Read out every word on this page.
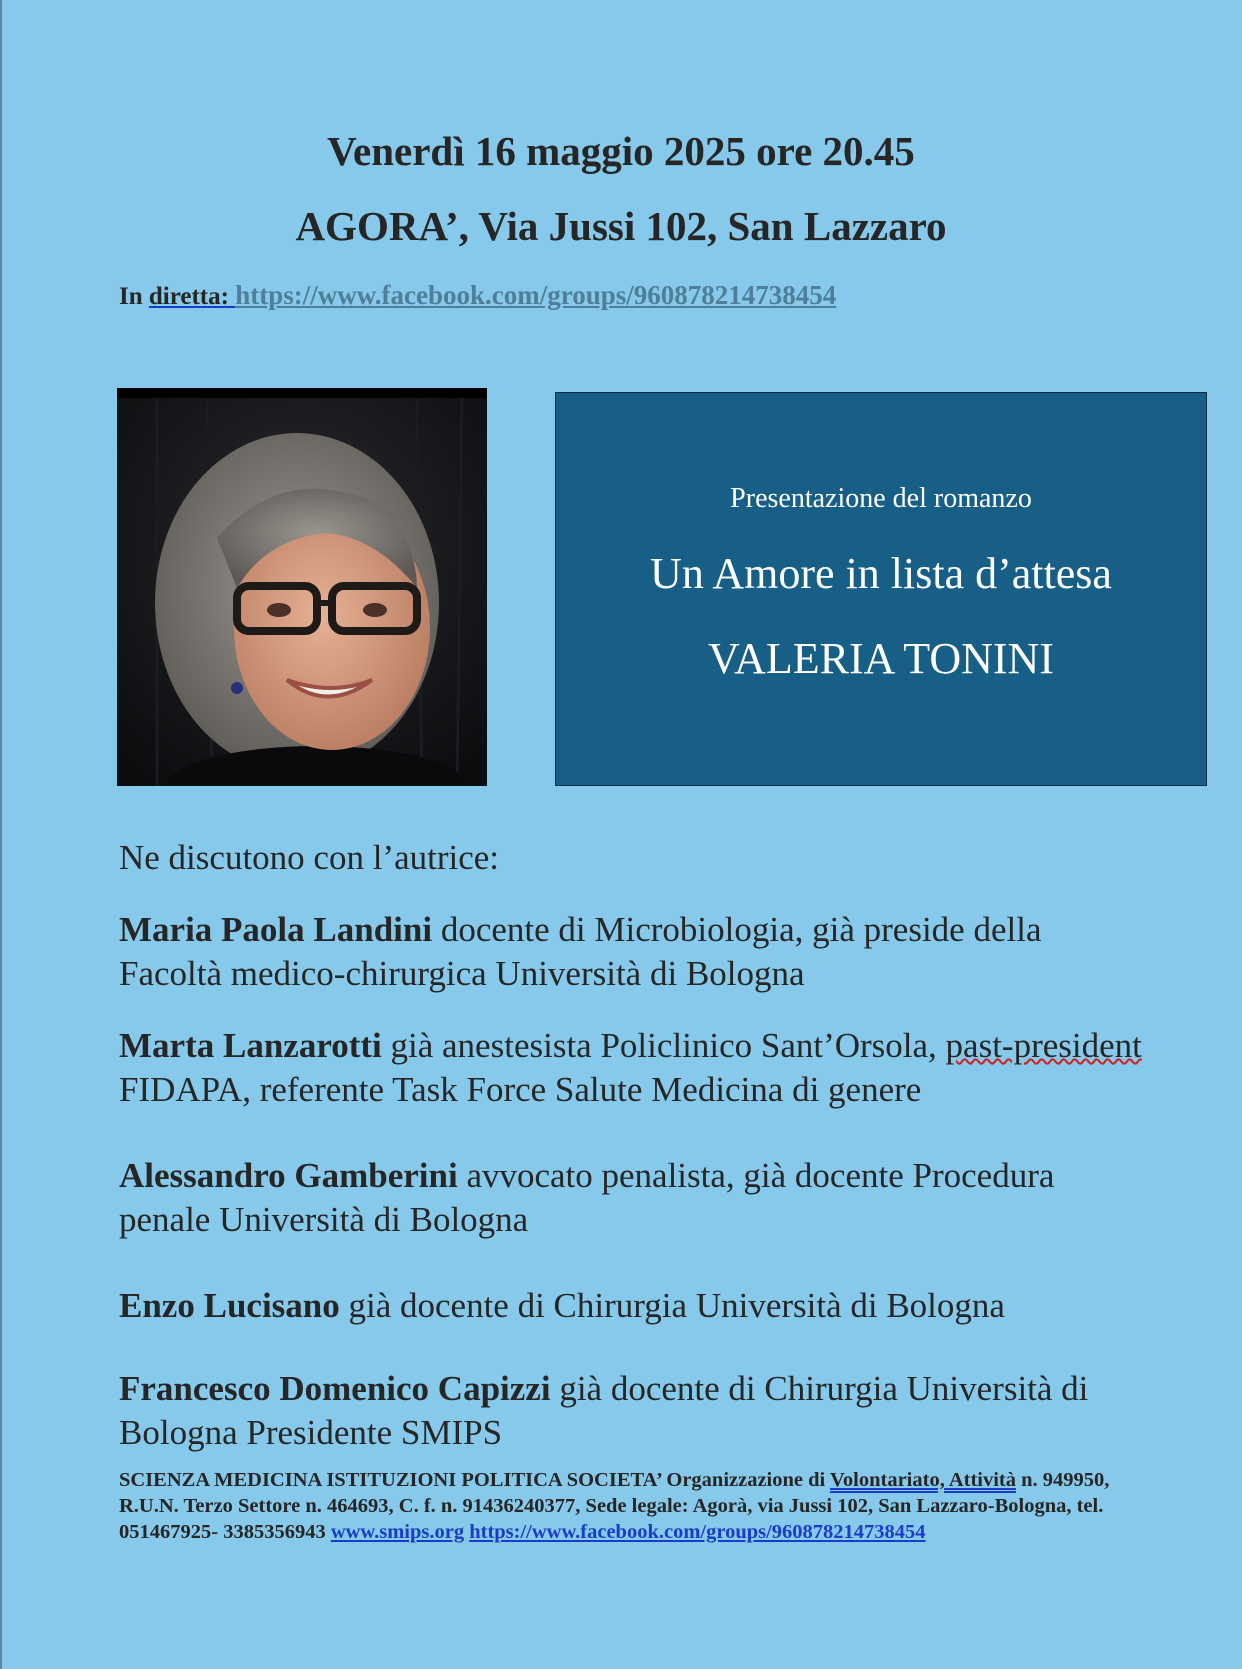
Venerdì 16 maggio 2025 ore 20.45
AGORA’, Via Jussi 102, San Lazzaro
In diretta: https://www.facebook.com/groups/960878214738454
Presentazione del romanzo
Un Amore in lista d’attesa
VALERIA TONINI
Ne discutono con l’autrice:
Maria Paola Landini docente di Microbiologia, già preside della Facoltà medico-chirurgica Università di Bologna
Marta Lanzarotti già anestesista Policlinico Sant’Orsola, past-president FIDAPA, referente Task Force Salute Medicina di genere
Alessandro Gamberini avvocato penalista, già docente Procedura penale Università di Bologna
Enzo Lucisano già docente di Chirurgia Università di Bologna
Francesco Domenico Capizzi già docente di Chirurgia Università di Bologna Presidente SMIPS
SCIENZA MEDICINA ISTITUZIONI POLITICA SOCIETA’ Organizzazione di Volontariato, Attività n. 949950, R.U.N. Terzo Settore n. 464693, C. f. n. 91436240377, Sede legale: Agorà, via Jussi 102, San Lazzaro-Bologna, tel. 051467925- 3385356943 www.smips.org https://www.facebook.com/groups/960878214738454
